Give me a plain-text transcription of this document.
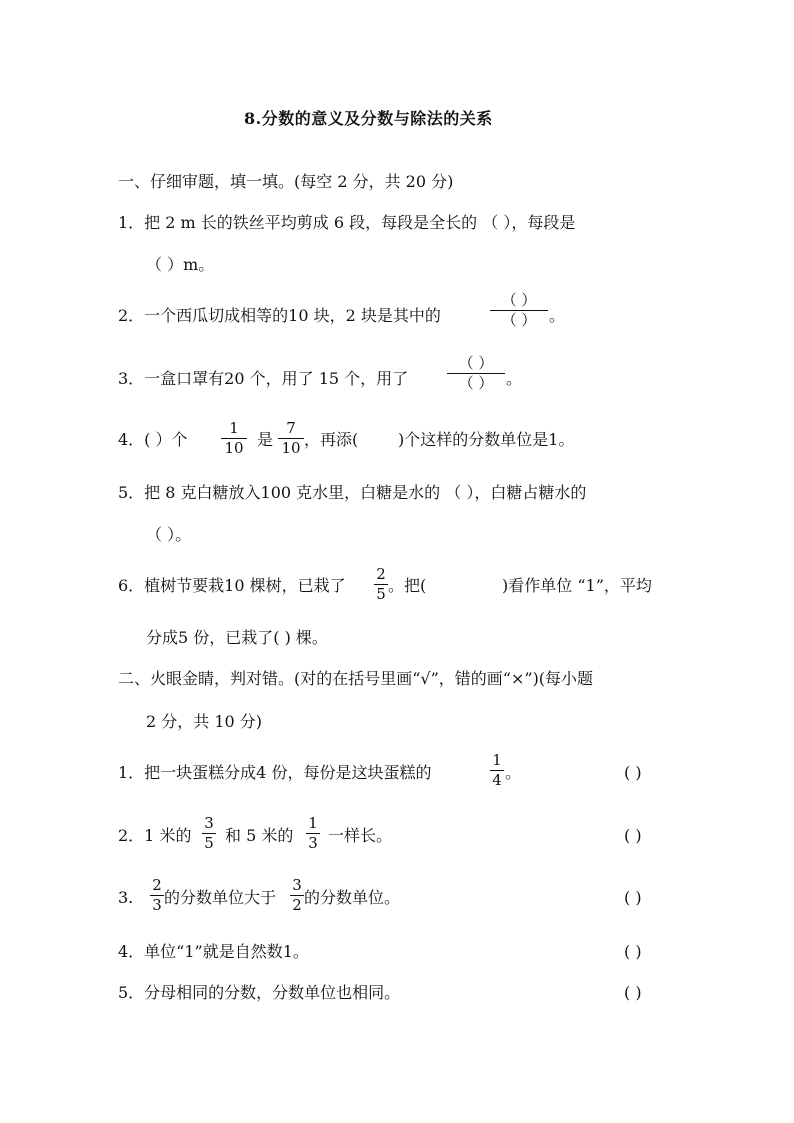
8.分数的意义及分数与除法的关系
一、仔细审题，填一填。(每空 2 分，共 20 分)
1．把 2 m 长的铁丝平均剪成 6 段，每段是全长的 （ ），每段是
（ ）m。
2．一个西瓜切成相等的10 块，2 块是其中的
（ ）
（ ） 。
3．一盒口罩有20 个，用了 15 个，用了
（ ）
（ ） 。
4．( ）个
1
10 是
7
10 ，再添( )个这样的分数单位是1。
5．把 8 克白糖放入100 克水里，白糖是水的 （ ），白糖占糖水的
（ ）。
6．植树节要栽10 棵树，已栽了
2
5 。把(	)看作单位 “1”，平均
分成5 份，已栽了( ) 棵。
二、火眼金睛，判对错。(对的在括号里画“√”，错的画“×”)(每小题
2 分，共 10 分)
1．把一块蛋糕分成4 份，每份是这块蛋糕的
1
4 。	( )
2．1 米的
3
5 和 5 米的
1
3 一样长。	( )
3.
2
3 的分数单位大于
3
2 的分数单位。	( )
4．单位“1”就是自然数1。	( )
5．分母相同的分数，分数单位也相同。	( )
